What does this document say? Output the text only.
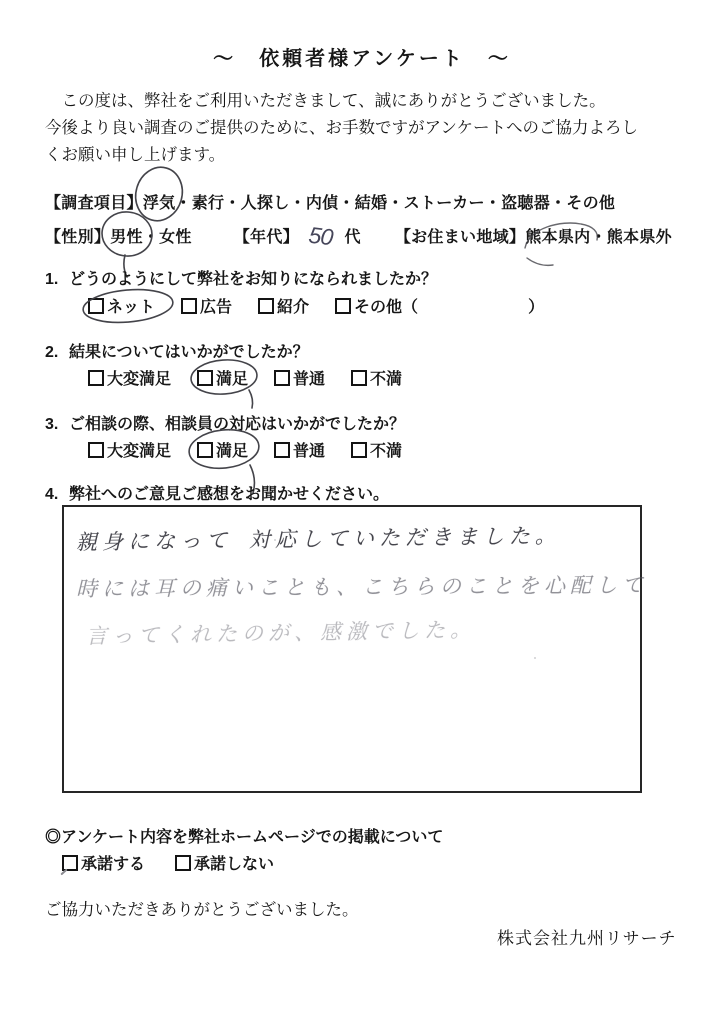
～　依頼者様アンケート　～
この度は、弊社をご利用いただきまして、誠にありがとうございました。
今後より良い調査のご提供のために、お手数ですがアンケートへのご協力よろし
くお願い申し上げます。
【調査項目】 浮気 ・素行・人探し・内偵・結婚・ストーカー・盗聴器・その他
【性別】 男性 ・女性	【年代】 50 代 【お住まい地域】 熊本県内 ・熊本県外
1. どうのようにして弊社をお知りになられましたか？
ネット	広告	紹介	その他（	）
2. 結果についてはいかがでしたか？
大変満足	満足	普通	不満
3. ご相談の際、相談員の対応はいかがでしたか？
大変満足	満足	普通	不満
4. 弊社へのご意見ご感想をお聞かせください。
親身になって 対応していただきました。
時には耳の痛いことも、こちらのことを心配して
言ってくれたのが、感激でした。
◎アンケート内容を弊社ホームページでの掲載について
承諾する	承諾しない
ご協力いただきありがとうございました。
株式会社九州リサーチ
